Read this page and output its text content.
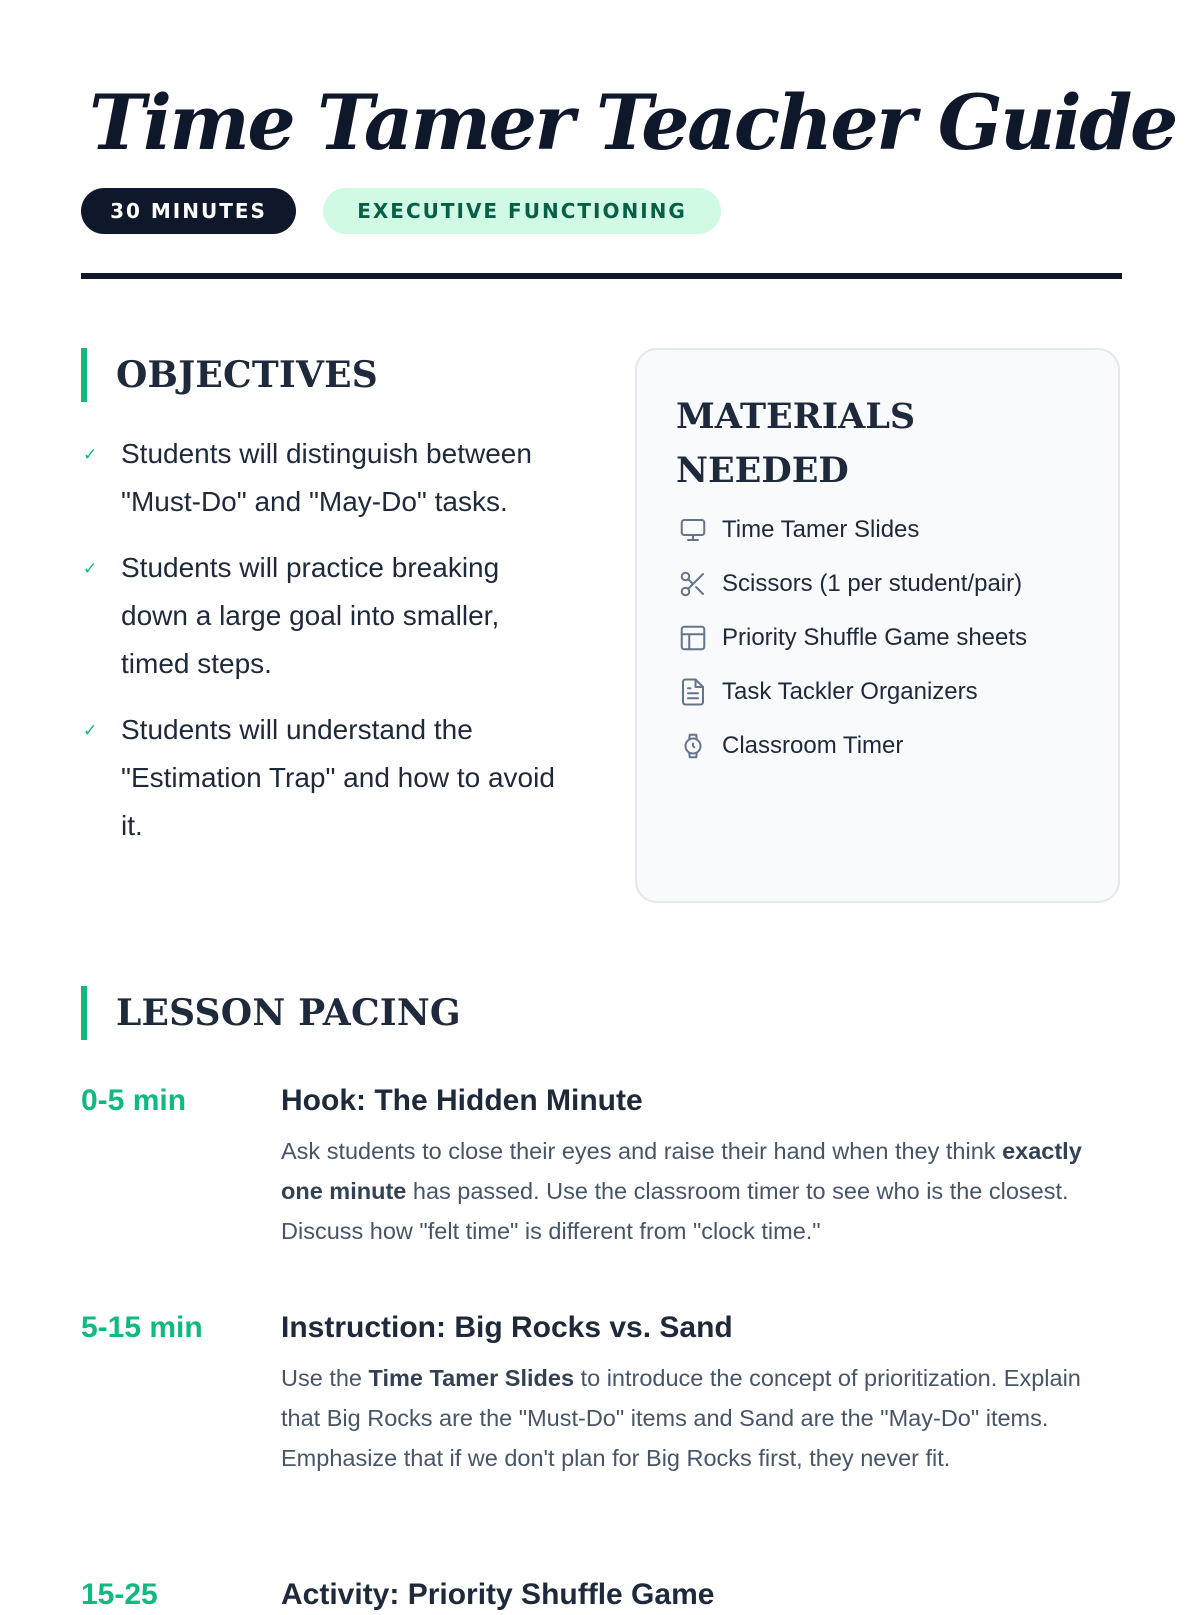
Time Tamer Teacher Guide
30 MINUTES	EXECUTIVE FUNCTIONING
OBJECTIVES
✓ Students will distinguish between "Must-Do" and "May-Do" tasks.
✓ Students will practice breaking down a large goal into smaller, timed steps.
✓ Students will understand the "Estimation Trap" and how to avoid it.
MATERIALS NEEDED
Time Tamer Slides
Scissors (1 per student/pair)
Priority Shuffle Game sheets
Task Tackler Organizers
Classroom Timer
LESSON PACING
0-5 min	Hook: The Hidden Minute
Ask students to close their eyes and raise their hand when they think exactly one minute has passed. Use the classroom timer to see who is the closest. Discuss how "felt time" is different from "clock time."
5-15 min	Instruction: Big Rocks vs. Sand
Use the Time Tamer Slides to introduce the concept of prioritization. Explain that Big Rocks are the "Must-Do" items and Sand are the "May-Do" items. Emphasize that if we don't plan for Big Rocks first, they never fit.
15-25	Activity: Priority Shuffle Game
